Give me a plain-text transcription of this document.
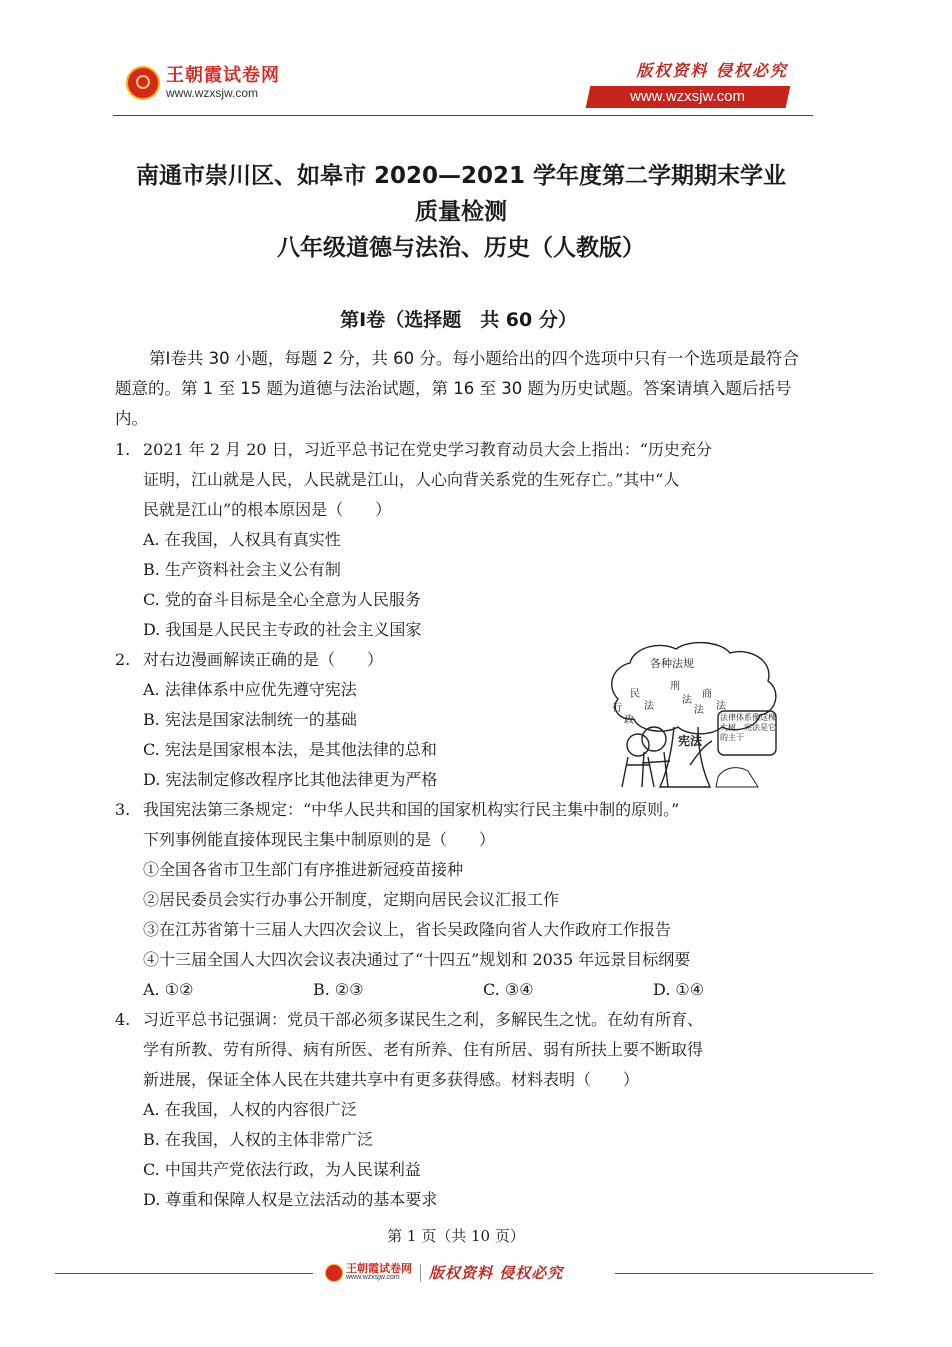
王朝霞试卷网
www.wzxsjw.com
版权资料 侵权必究
www.wzxsjw.com
南通市崇川区、如皋市 2020—2021 学年度第二学期期末学业
质量检测
八年级道德与法治、历史（人教版）
第Ⅰ卷（选择题　共 60 分）
第Ⅰ卷共 30 小题，每题 2 分，共 60 分。每小题给出的四个选项中只有一个选项是最符合题意的。第 1 至 15 题为道德与法治试题，第 16 至 30 题为历史试题。答案请填入题后括号内。
1. 2021 年 2 月 20 日，习近平总书记在党史学习教育动员大会上指出：“历史充分
证明，江山就是人民，人民就是江山，人心向背关系党的生死存亡。”其中“人
民就是江山”的根本原因是（　　）
A. 在我国，人权具有真实性
B. 生产资料社会主义公有制
C. 党的奋斗目标是全心全意为人民服务
D. 我国是人民民主专政的社会主义国家
2. 对右边漫画解读正确的是（　　）
A. 法律体系中应优先遵守宪法
B. 宪法是国家法制统一的基础
C. 宪法是国家根本法，是其他法律的总和
D. 宪法制定修改程序比其他法律更为严格
各种法规
民
刑
行 法
法
政
商
法
法
宪法
法律体系像这棵大树，宪法是它的主干
3. 我国宪法第三条规定：“中华人民共和国的国家机构实行民主集中制的原则。”
下列事例能直接体现民主集中制原则的是（　　）
①全国各省市卫生部门有序推进新冠疫苗接种
②居民委员会实行办事公开制度，定期向居民会议汇报工作
③在江苏省第十三届人大四次会议上，省长吴政隆向省人大作政府工作报告
④十三届全国人大四次会议表决通过了“十四五”规划和 2035 年远景目标纲要
A. ①②	B. ②③	C. ③④	D. ①④
4. 习近平总书记强调：党员干部必须多谋民生之利，多解民生之忧。在幼有所育、
学有所教、劳有所得、病有所医、老有所养、住有所居、弱有所扶上要不断取得
新进展，保证全体人民在共建共享中有更多获得感。材料表明（　　）
A. 在我国，人权的内容很广泛
B. 在我国，人权的主体非常广泛
C. 中国共产党依法行政，为人民谋利益
D. 尊重和保障人权是立法活动的基本要求
第 1 页（共 10 页）
王朝霞试卷网
www.wzxsjw.com	版权资料 侵权必究
